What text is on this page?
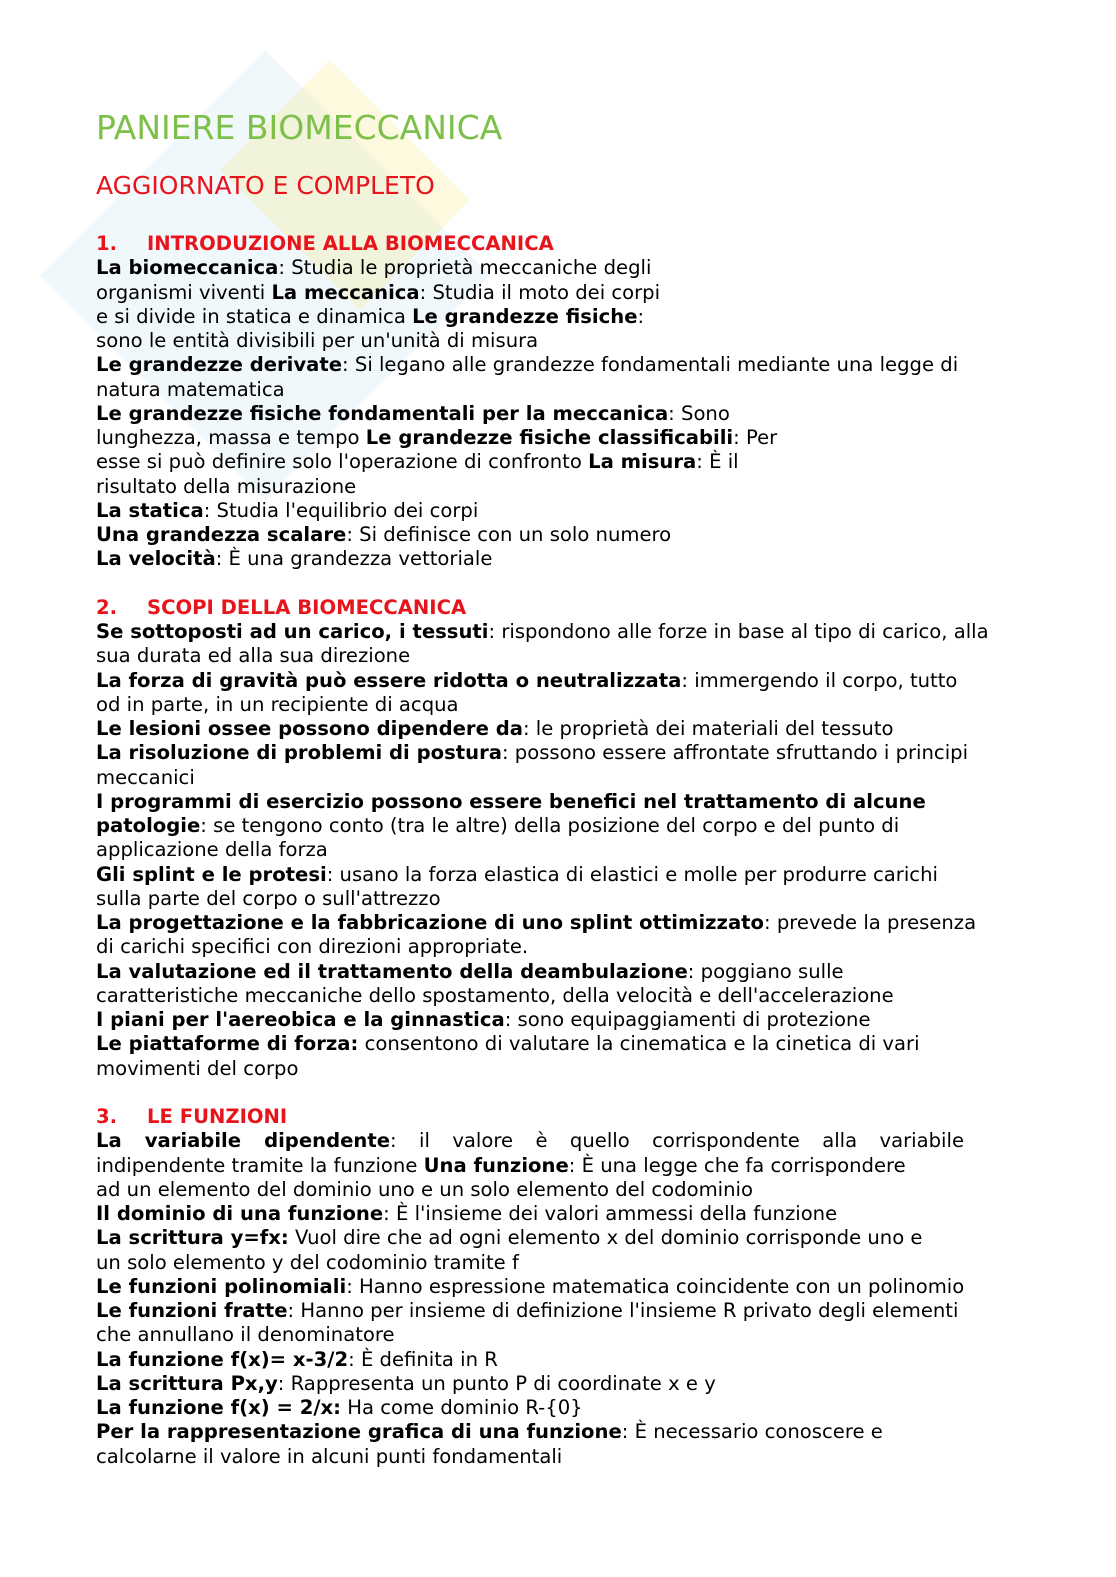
PANIERE BIOMECCANICA
AGGIORNATO E COMPLETO
1. INTRODUZIONE ALLA BIOMECCANICA
La biomeccanica: Studia le proprietà meccaniche degli
organismi viventi La meccanica: Studia il moto dei corpi
e si divide in statica e dinamica Le grandezze fisiche:
sono le entità divisibili per un'unità di misura
Le grandezze derivate: Si legano alle grandezze fondamentali mediante una legge di
natura matematica
Le grandezze fisiche fondamentali per la meccanica: Sono
lunghezza, massa e tempo Le grandezze fisiche classificabili: Per
esse si può definire solo l'operazione di confronto La misura: È il
risultato della misurazione
La statica: Studia l'equilibrio dei corpi
Una grandezza scalare: Si definisce con un solo numero
La velocità: È una grandezza vettoriale
2. SCOPI DELLA BIOMECCANICA
Se sottoposti ad un carico, i tessuti: rispondono alle forze in base al tipo di carico, alla
sua durata ed alla sua direzione
La forza di gravità può essere ridotta o neutralizzata: immergendo il corpo, tutto
od in parte, in un recipiente di acqua
Le lesioni ossee possono dipendere da: le proprietà dei materiali del tessuto
La risoluzione di problemi di postura: possono essere affrontate sfruttando i principi
meccanici
I programmi di esercizio possono essere benefici nel trattamento di alcune
patologie: se tengono conto (tra le altre) della posizione del corpo e del punto di
applicazione della forza
Gli splint e le protesi: usano la forza elastica di elastici e molle per produrre carichi
sulla parte del corpo o sull'attrezzo
La progettazione e la fabbricazione di uno splint ottimizzato: prevede la presenza
di carichi specifici con direzioni appropriate.
La valutazione ed il trattamento della deambulazione: poggiano sulle
caratteristiche meccaniche dello spostamento, della velocità e dell'accelerazione
I piani per l'aereobica e la ginnastica: sono equipaggiamenti di protezione
Le piattaforme di forza: consentono di valutare la cinematica e la cinetica di vari
movimenti del corpo
3. LE FUNZIONI
La variabile dipendente: il valore è quello corrispondente alla variabile
indipendente tramite la funzione Una funzione: È una legge che fa corrispondere
ad un elemento del dominio uno e un solo elemento del codominio
Il dominio di una funzione: È l'insieme dei valori ammessi della funzione
La scrittura y=fx: Vuol dire che ad ogni elemento x del dominio corrisponde uno e
un solo elemento y del codominio tramite f
Le funzioni polinomiali: Hanno espressione matematica coincidente con un polinomio
Le funzioni fratte: Hanno per insieme di definizione l'insieme R privato degli elementi
che annullano il denominatore
La funzione f(x)= x-3/2: È definita in R
La scrittura Px,y: Rappresenta un punto P di coordinate x e y
La funzione f(x) = 2/x: Ha come dominio R-{0}
Per la rappresentazione grafica di una funzione: È necessario conoscere e
calcolarne il valore in alcuni punti fondamentali
